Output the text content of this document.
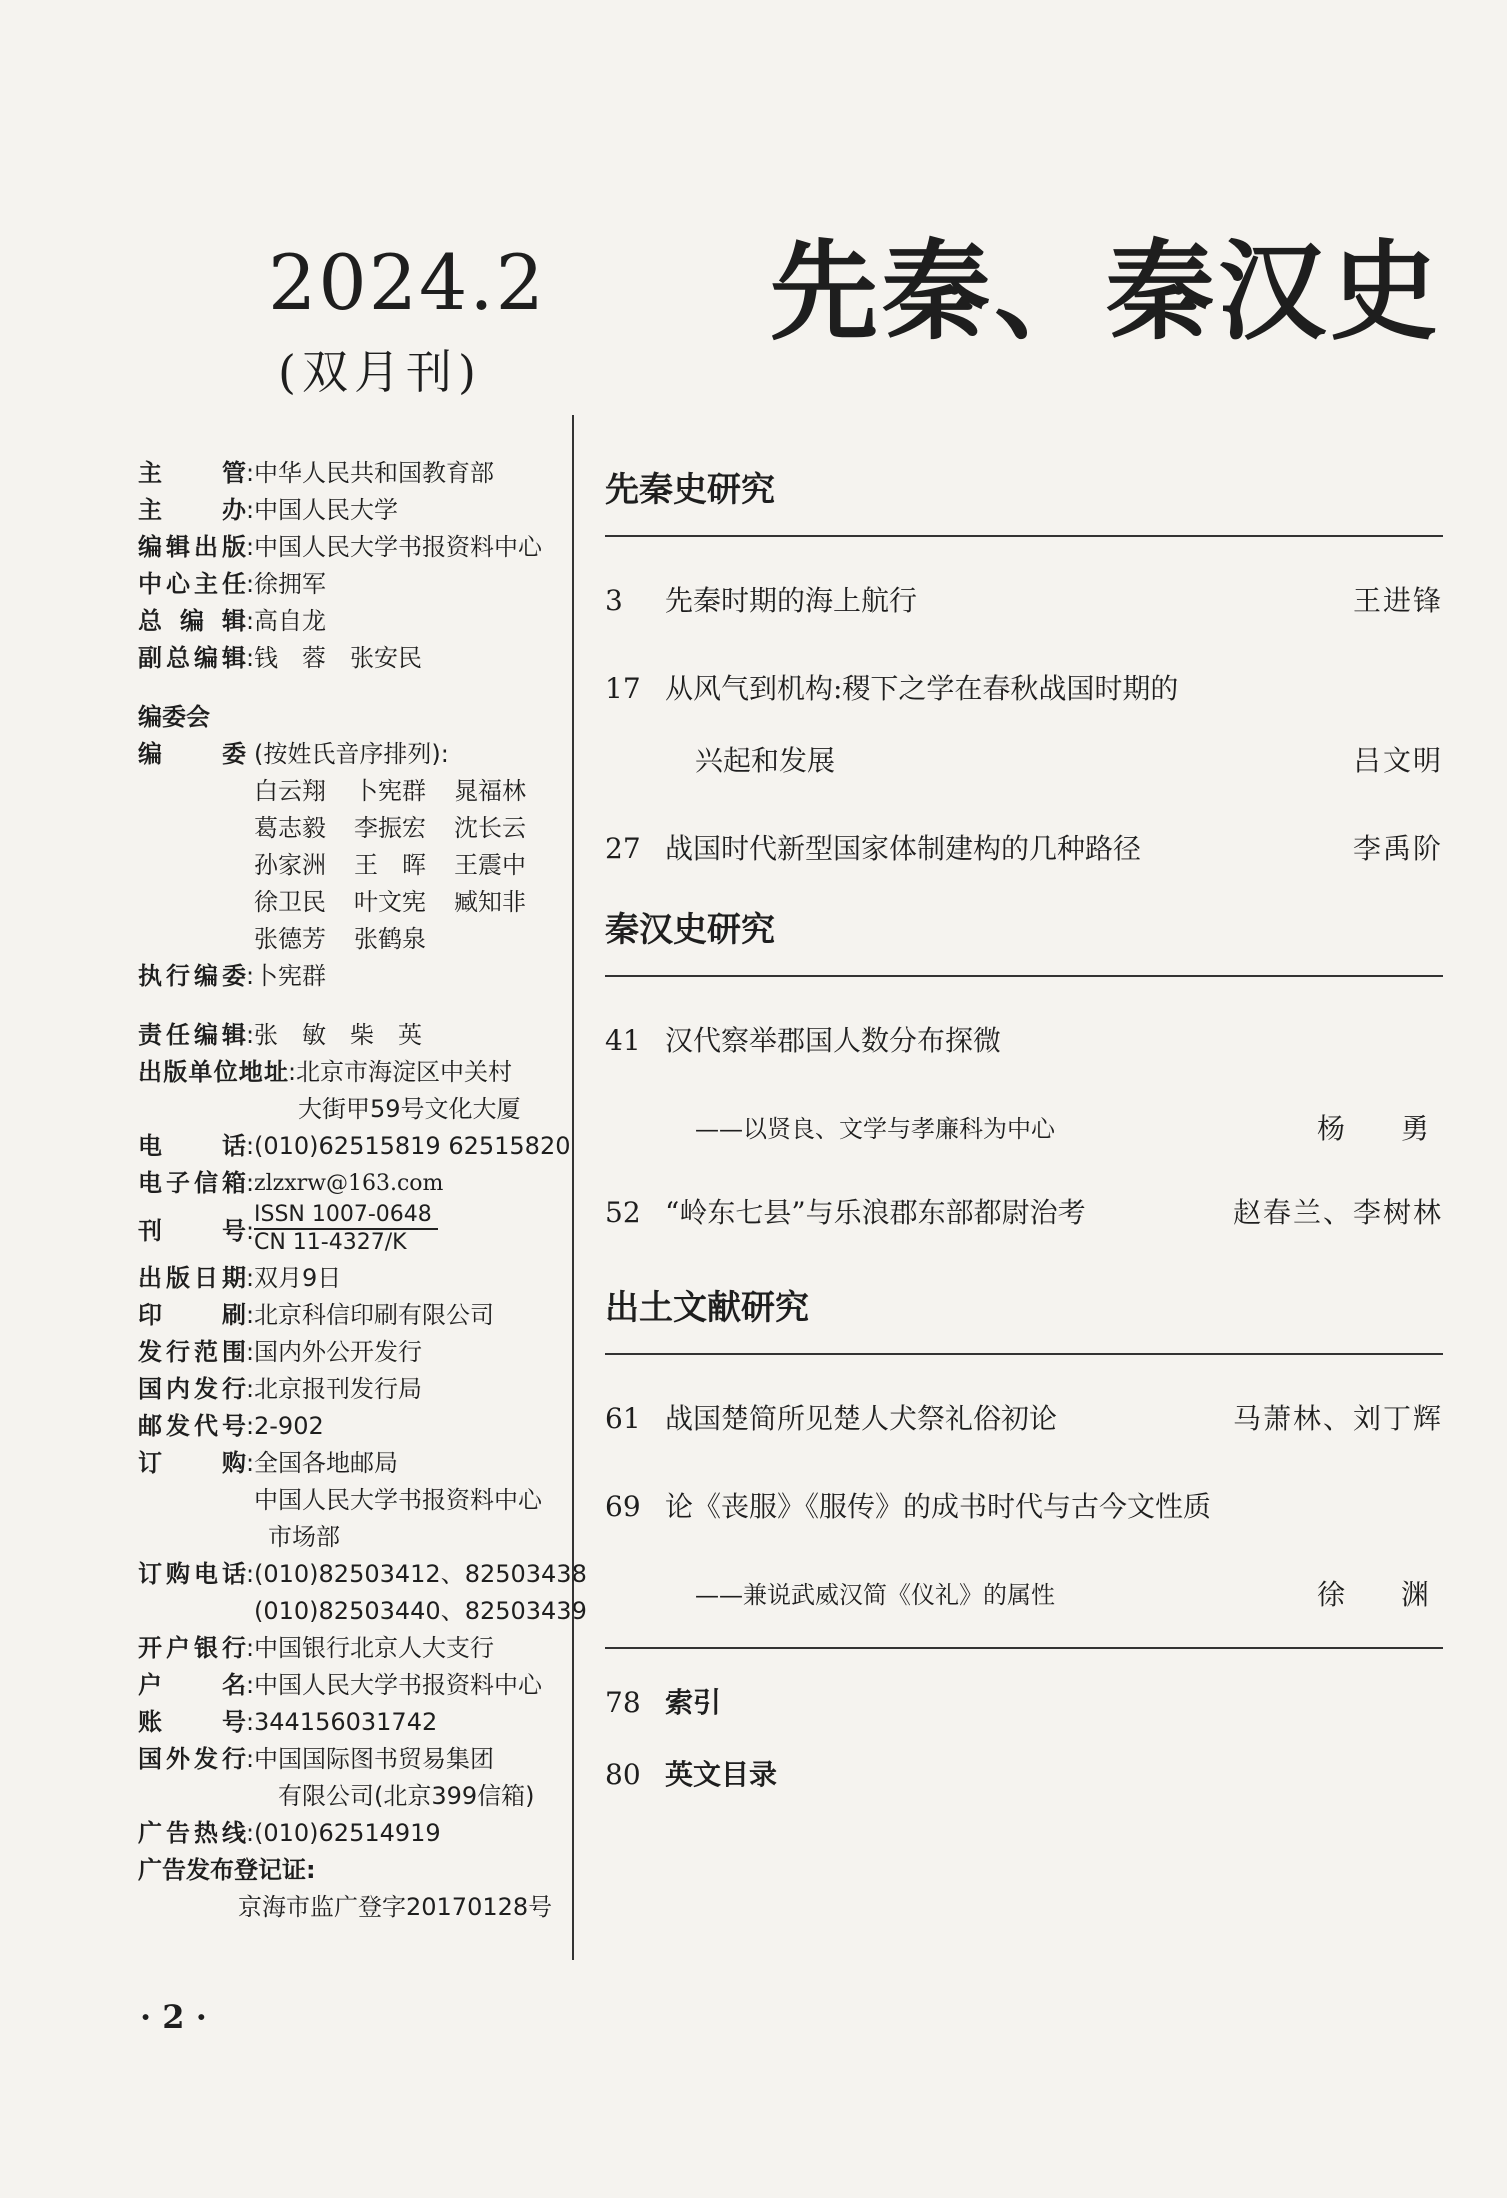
2024.2
(双月刊)
先秦、秦汉史
主管 : 中华人民共和国教育部
主办 : 中国人民大学
编辑出版 : 中国人民大学书报资料中心
中心主任 : 徐拥军
总编辑 : 高自龙
副总编辑 : 钱　蓉　张安民
编委会
编委 (按姓氏音序排列):
白云翔	卜宪群	晁福林
葛志毅	李振宏	沈长云
孙家洲	王　晖	王震中
徐卫民	叶文宪	臧知非
张德芳	张鹤泉
执行编委 : 卜宪群
责任编辑 : 张　敏　柴　英
出版单位地址 : 北京市海淀区中关村
大街甲59号文化大厦
电话 : (010)62515819 62515820
电子信箱 : zlzxrw@163.com
刊号 :
ISSN 1007-0648
CN 11-4327/K
出版日期 : 双月9日
印刷 : 北京科信印刷有限公司
发行范围 : 国内外公开发行
国内发行 : 北京报刊发行局
邮发代号 : 2-902
订购 : 全国各地邮局
中国人民大学书报资料中心
市场部
订购电话 : (010)82503412、82503438
(010)82503440、82503439
开户银行 : 中国银行北京人大支行
户名 : 中国人民大学书报资料中心
账号 : 344156031742
国外发行 : 中国国际图书贸易集团
有限公司(北京399信箱)
广告热线 : (010)62514919
广告发布登记证:
京海市监广登字20170128号
· 2 ·
先秦史研究
3	先秦时期的海上航行	王进锋
17 从风气到机构:稷下之学在春秋战国时期的
兴起和发展	吕文明
27 战国时代新型国家体制建构的几种路径	李禹阶
秦汉史研究
41 汉代察举郡国人数分布探微
——以贤良、文学与孝廉科为中心	杨　勇
52 “岭东七县”与乐浪郡东部都尉治考	赵春兰、李树林
出土文献研究
61 战国楚简所见楚人犬祭礼俗初论	马萧林、刘丁辉
69 论《丧服》《服传》的成书时代与古今文性质
——兼说武威汉简《仪礼》的属性	徐　渊
78 索引
80 英文目录
